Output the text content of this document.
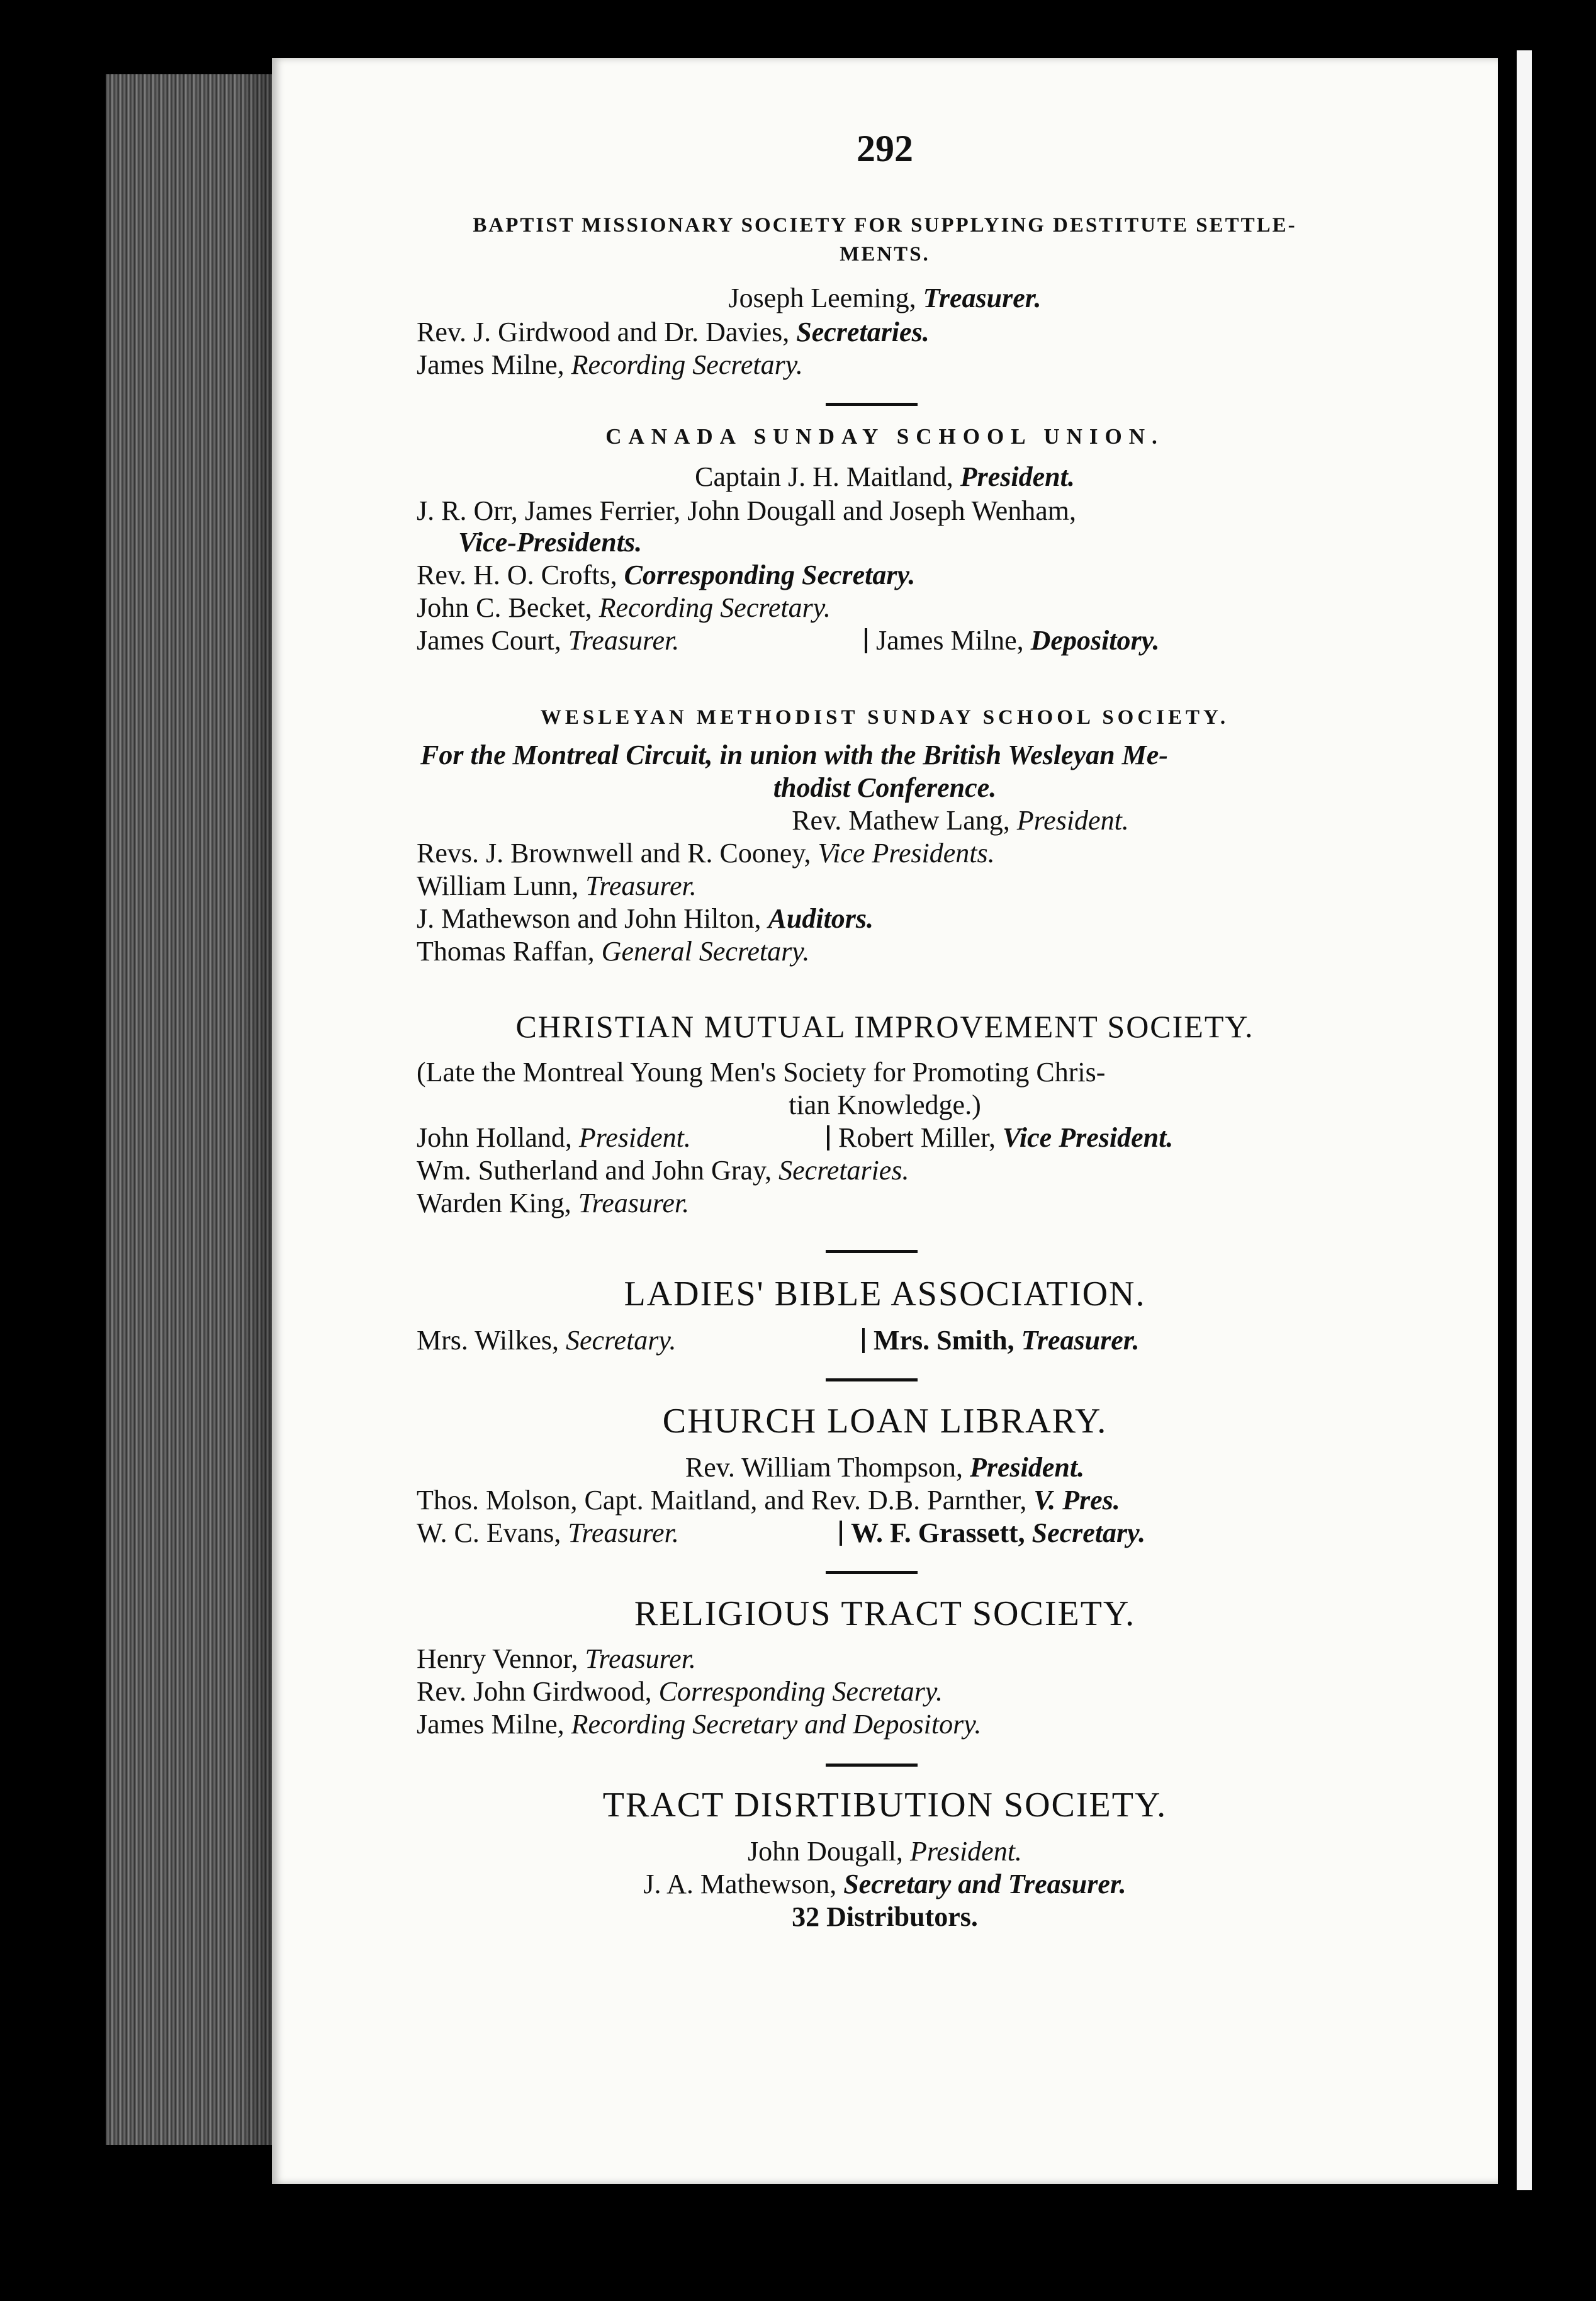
292
BAPTIST MISSIONARY SOCIETY FOR SUPPLYING DESTITUTE SETTLE-
MENTS.
Joseph Leeming, Treasurer.
Rev. J. Girdwood and Dr. Davies, Secretaries.
James Milne, Recording Secretary.
CANADA SUNDAY SCHOOL UNION.
Captain J. H. Maitland, President.
J. R. Orr, James Ferrier, John Dougall and Joseph Wenham,
Vice-Presidents.
Rev. H. O. Crofts, Corresponding Secretary.
John C. Becket, Recording Secretary.
James Court, Treasurer.	James Milne, Depository.
WESLEYAN METHODIST SUNDAY SCHOOL SOCIETY.
For the Montreal Circuit, in union with the British Wesleyan Me-
thodist Conference.
Rev. Mathew Lang, President.
Revs. J. Brownwell and R. Cooney, Vice Presidents.
William Lunn, Treasurer.
J. Mathewson and John Hilton, Auditors.
Thomas Raffan, General Secretary.
CHRISTIAN MUTUAL IMPROVEMENT SOCIETY.
(Late the Montreal Young Men's Society for Promoting Chris-
tian Knowledge.)
John Holland, President.	Robert Miller, Vice President.
Wm. Sutherland and John Gray, Secretaries.
Warden King, Treasurer.
LADIES' BIBLE ASSOCIATION.
Mrs. Wilkes, Secretary.	Mrs. Smith, Treasurer.
CHURCH LOAN LIBRARY.
Rev. William Thompson, President.
Thos. Molson, Capt. Maitland, and Rev. D.B. Parnther, V. Pres.
W. C. Evans, Treasurer.	W. F. Grassett, Secretary.
RELIGIOUS TRACT SOCIETY.
Henry Vennor, Treasurer.
Rev. John Girdwood, Corresponding Secretary.
James Milne, Recording Secretary and Depository.
TRACT DISRTIBUTION SOCIETY.
John Dougall, President.
J. A. Mathewson, Secretary and Treasurer.
32 Distributors.
